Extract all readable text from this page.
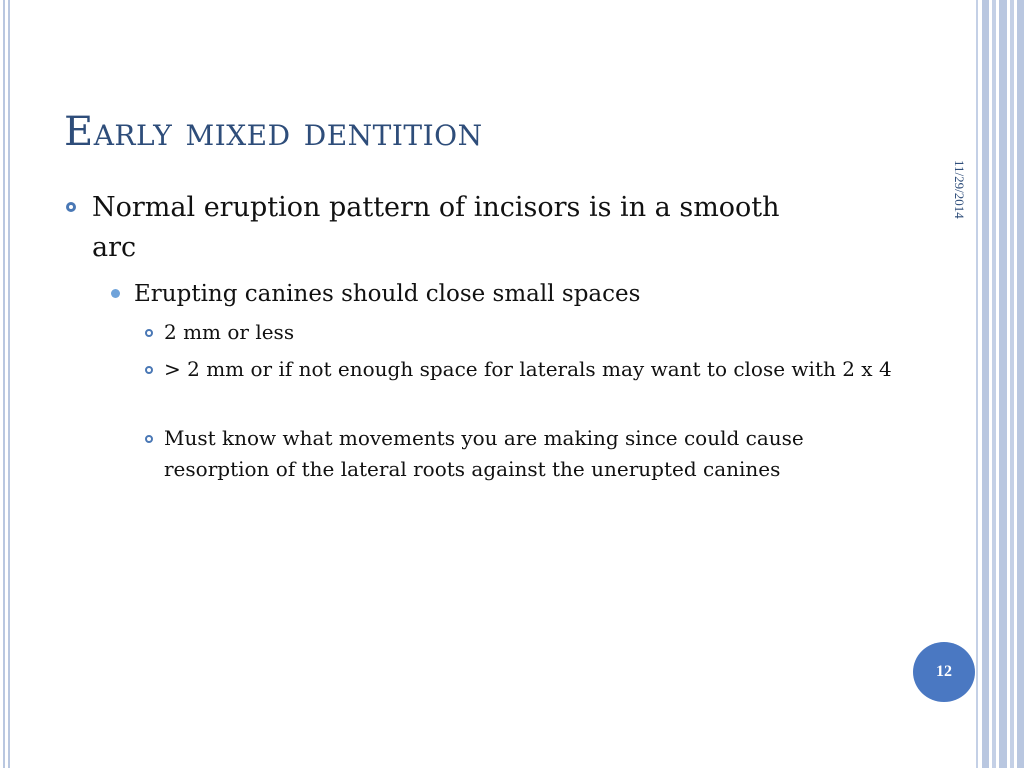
Early mixed dentition
11/29/2014
Normal eruption pattern of incisors is in a smooth arc
Erupting canines should close small spaces
2 mm or less
> 2 mm or if not enough space for laterals may want to close with 2 x 4
Must know what movements you are making since could cause resorption of the lateral roots against the unerupted canines
12
